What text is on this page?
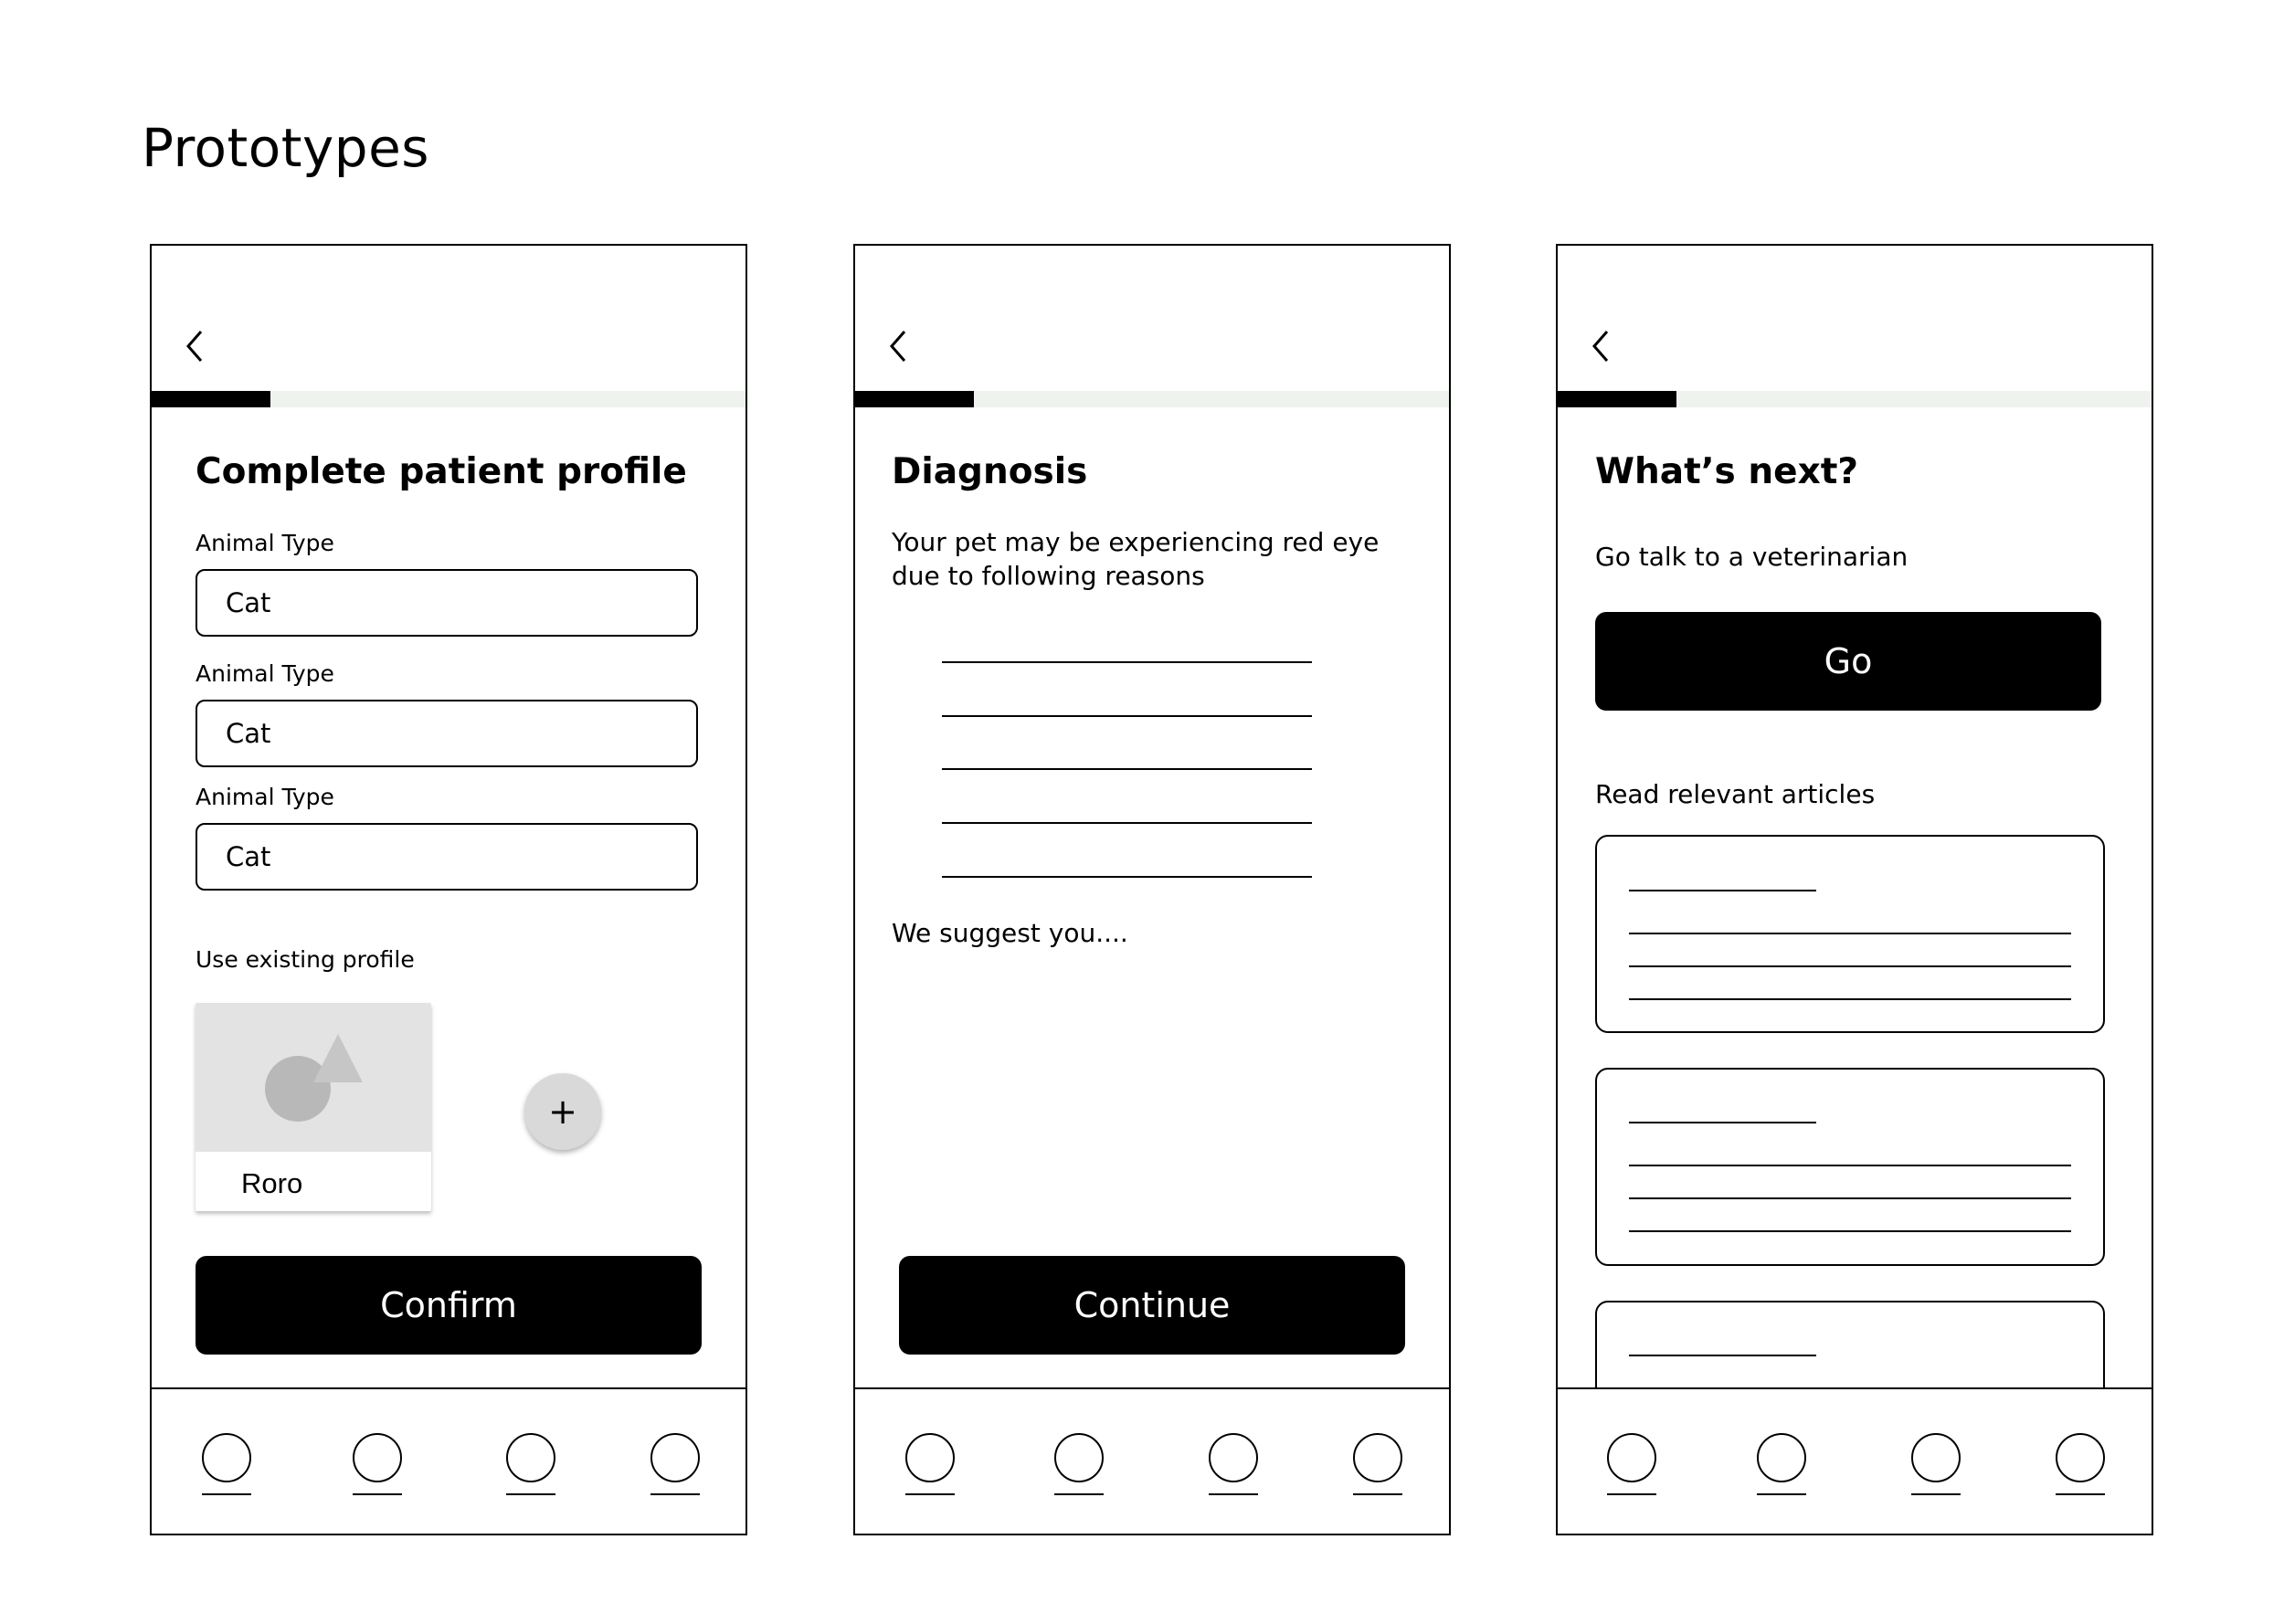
Prototypes
Complete patient profile
Animal Type
Cat
Animal Type
Cat
Animal Type
Cat
Use existing profile
Roro
+
Confirm
Diagnosis
Your pet may be experiencing red eye
due to following reasons
We suggest you....
Continue
What’s next?
Go talk to a veterinarian
Go
Read relevant articles
